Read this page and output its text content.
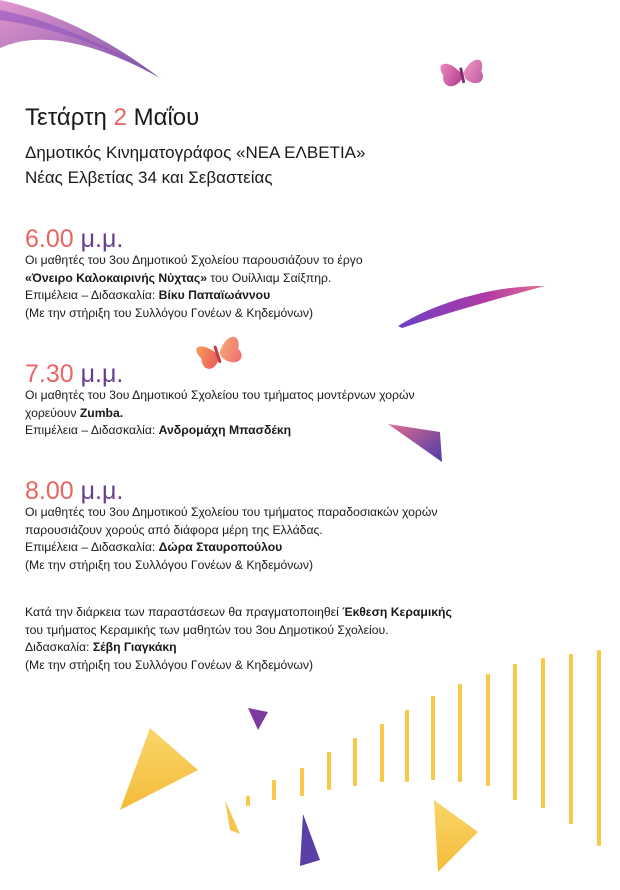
Τετάρτη 2 Μαΐου
Δημοτικός Κινηματογράφος «ΝΕΑ ΕΛΒΕΤΙΑ»
Νέας Ελβετίας 34 και Σεβαστείας
6.00 μ.μ.
Οι μαθητές του 3ου Δημοτικού Σχολείου παρουσιάζουν το έργο
«Όνειρο Καλοκαιρινής Νύχτας» του Ουίλλιαμ Σαίξπηρ.
Επιμέλεια – Διδασκαλία: Βίκυ Παπαϊωάννου
(Με την στήριξη του Συλλόγου Γονέων & Κηδεμόνων)
7.30 μ.μ.
Οι μαθητές του 3ου Δημοτικού Σχολείου του τμήματος μοντέρνων χορών
χορεύουν Zumba.
Επιμέλεια – Διδασκαλία: Ανδρομάχη Μπασδέκη
8.00 μ.μ.
Οι μαθητές του 3ου Δημοτικού Σχολείου του τμήματος παραδοσιακών χορών
παρουσιάζουν χορούς από διάφορα μέρη της Ελλάδας.
Επιμέλεια – Διδασκαλία: Δώρα Σταυροπούλου
(Με την στήριξη του Συλλόγου Γονέων & Κηδεμόνων)
Κατά την διάρκεια των παραστάσεων θα πραγματοποιηθεί Έκθεση Κεραμικής
του τμήματος Κεραμικής των μαθητών του 3ου Δημοτικού Σχολείου.
Διδασκαλία: Σέβη Γιαγκάκη
(Με την στήριξη του Συλλόγου Γονέων & Κηδεμόνων)
